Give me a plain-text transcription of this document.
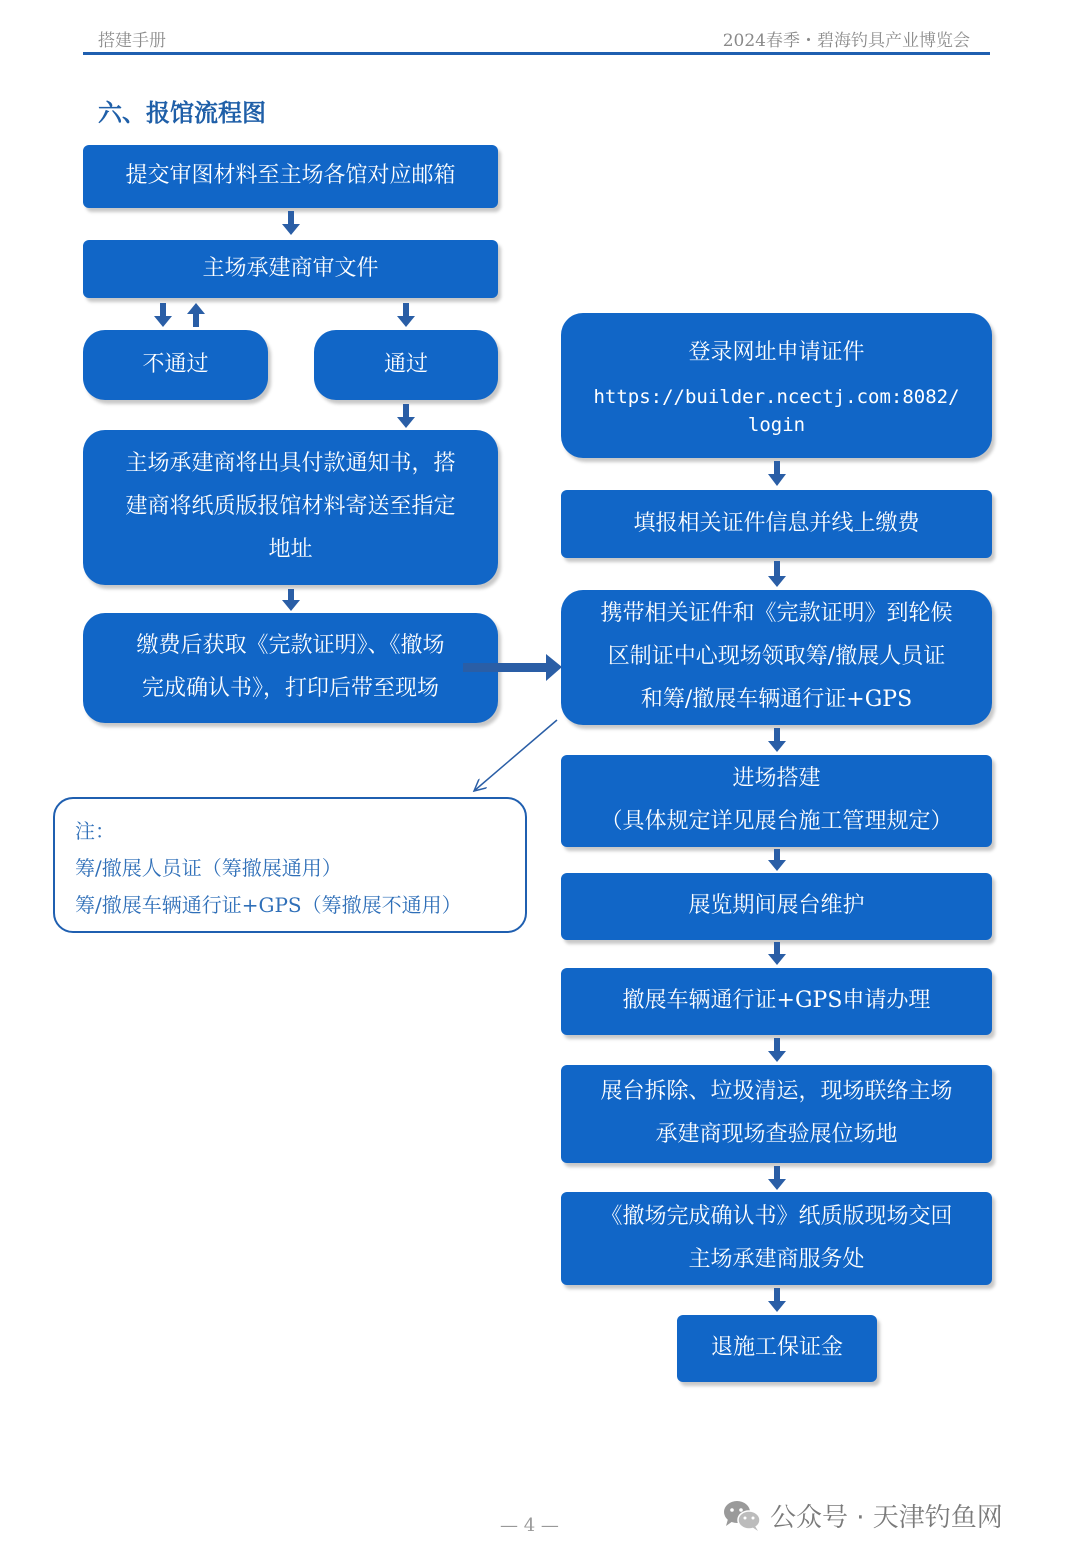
搭建手册	2024春季・碧海钓具产业博览会
六、报馆流程图
提交审图材料至主场各馆对应邮箱
主场承建商审文件
不通过	通过
主场承建商将出具付款通知书，搭
建商将纸质版报馆材料寄送至指定
地址
缴费后获取《完款证明》、《撤场
完成确认书》，打印后带至现场
登录网址申请证件
https://builder.ncectj.com:8082/
login
填报相关证件信息并线上缴费
携带相关证件和《完款证明》到轮候
区制证中心现场领取筹/撤展人员证
和筹/撤展车辆通行证+GPS
进场搭建
（具体规定详见展台施工管理规定）
展览期间展台维护
撤展车辆通行证+GPS申请办理
展台拆除、垃圾清运，现场联络主场
承建商现场查验展位场地
《撤场完成确认书》纸质版现场交回
主场承建商服务处
退施工保证金
注：
筹/撤展人员证（筹撤展通用）
筹/撤展车辆通行证+GPS（筹撤展不通用）
— 4 —	公众号 · 天津钓鱼网
